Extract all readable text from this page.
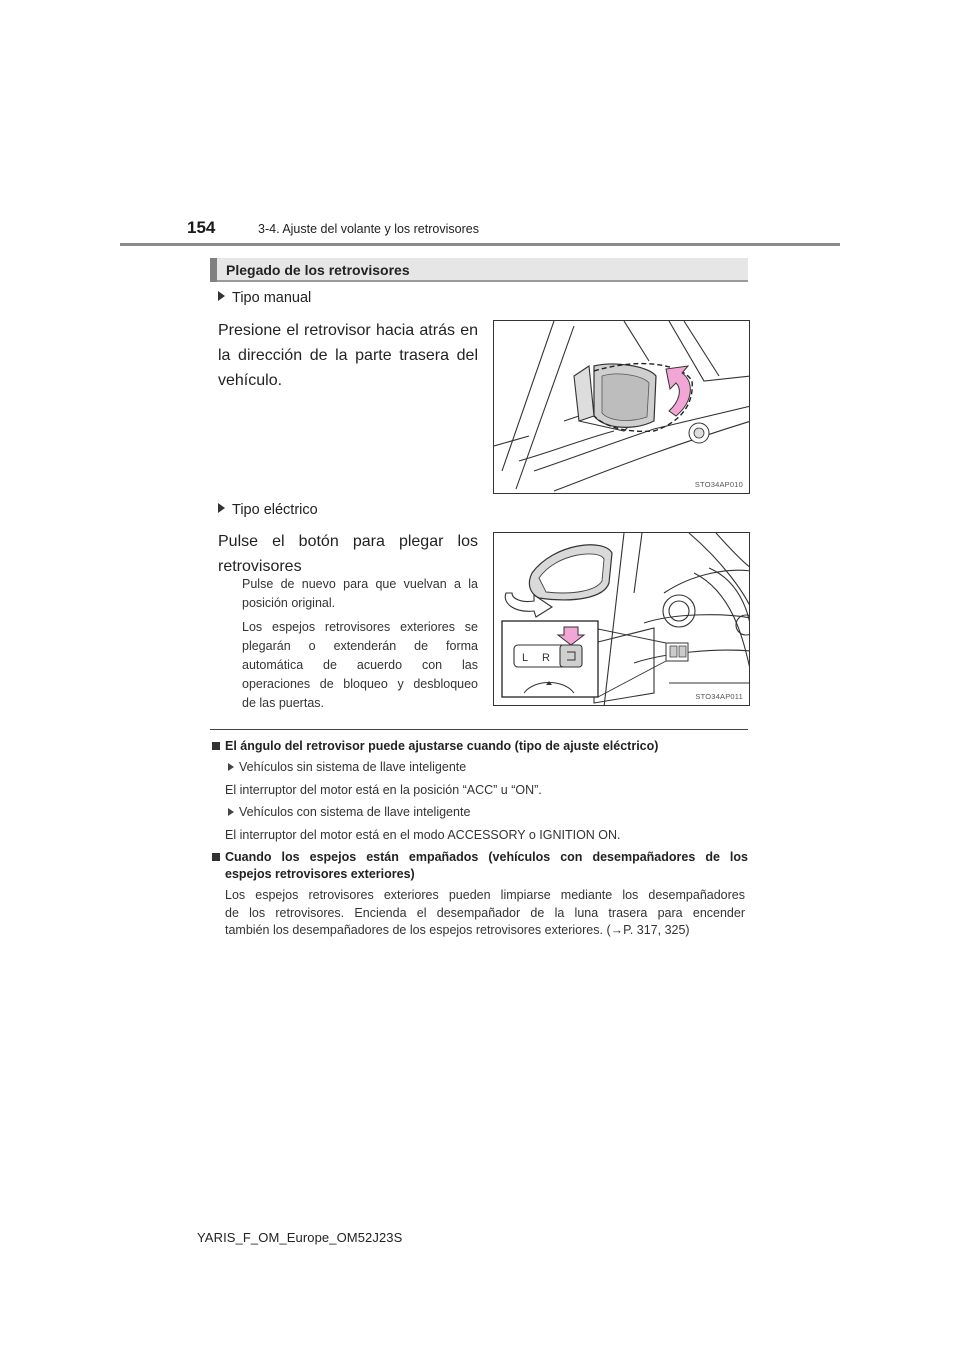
154	3-4. Ajuste del volante y los retrovisores
Plegado de los retrovisores
Tipo manual
Presione el retrovisor hacia atrás en
la dirección de la parte trasera del
vehículo.
STO34AP010
Tipo eléctrico
Pulse el botón para plegar los
retrovisores
Pulse de nuevo para que vuelvan a la
posición original.
Los espejos retrovisores exteriores se
plegarán o extenderán de forma
automática de acuerdo con las
operaciones de bloqueo y desbloqueo
de las puertas.
L R
STO34AP011
El ángulo del retrovisor puede ajustarse cuando (tipo de ajuste eléctrico)
Vehículos sin sistema de llave inteligente
El interruptor del motor está en la posición “ACC” u “ON”.
Vehículos con sistema de llave inteligente
El interruptor del motor está en el modo ACCESSORY o IGNITION ON.
Cuando los espejos están empañados (vehículos con desempañadores de los
espejos retrovisores exteriores)
Los espejos retrovisores exteriores pueden limpiarse mediante los desempañadores
de los retrovisores. Encienda el desempañador de la luna trasera para encender
también los desempañadores de los espejos retrovisores exteriores. (→P. 317, 325)
YARIS_F_OM_Europe_OM52J23S
